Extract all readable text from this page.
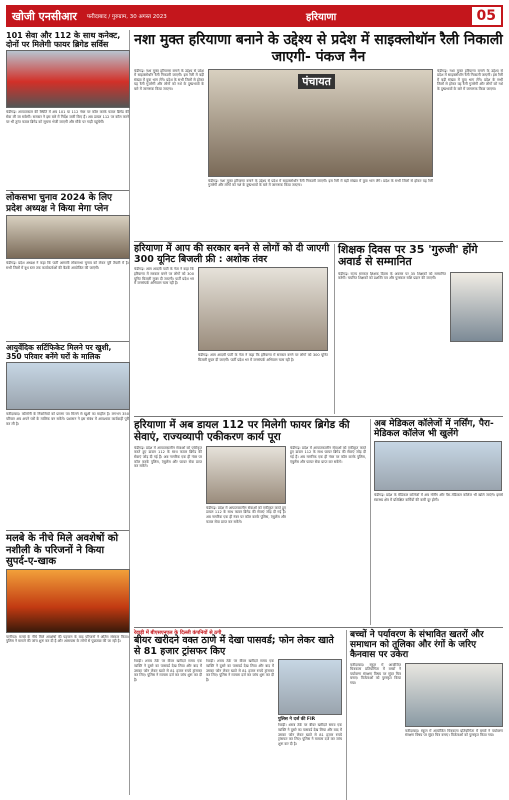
खोजी एनसीआर	फरीदाबाद / गुरुग्राम, 30 अगस्त 2023	हरियाणा	05
101 सेवा और 112 के साथ कनेक्ट, दोनों पर मिलेगी फायर ब्रिगेड सर्विस

चंडीगढ़। आपातकाल की स्थिति में अब 101 या 112 नंबर पर कॉल करके फायर ब्रिगेड की सेवा ली जा सकेगी। सरकार ने इस बारे में निर्देश जारी किए हैं। अब डायल 112 पर कॉल करने पर भी तुरंत फायर ब्रिगेड को सूचना भेजी जाएगी और मौके पर गाड़ी पहुंचेगी।

लोकसभा चुनाव 2024 के लिए प्रदेश अध्यक्ष ने किया मेगा प्लेन

चंडीगढ़। प्रदेश अध्यक्ष ने कहा कि पार्टी आगामी लोकसभा चुनाव को लेकर पूरी तैयारी में है। सभी जिलों में बूथ स्तर तक कार्यकर्ताओं की बैठकें आयोजित की जाएंगी।

आयुर्वेदिक सर्टिफिकेट मिलने पर खुशी, 350 परिवार बनेंगे घरों के मालिक

फरीदाबाद। कॉलोनी के निवासियों को प्रमाण पत्र मिलने से खुशी का माहौल है। लगभग 350 परिवार अब अपने घरों के मालिक बन सकेंगे। प्रशासन ने इस संबंध में आवश्यक कार्यवाही पूरी कर ली है।

मलबे के नीचे मिले अवशेषों को नशीली के परिजनों ने किया सुपर्द-ए-खाक

पानीपत। मलबे के नीचे मिले अवशेषों की पहचान के बाद परिजनों ने अंतिम संस्कार किया। पुलिस ने मामले की जांच शुरू कर दी है और आसपास के लोगों से पूछताछ की जा रही है।

नशा मुक्त हरियाणा बनाने के उद्देश्य से प्रदेश में साइक्लोथॉन रैली निकाली जाएगी- पंकज नैन

चंडीगढ़। नशा मुक्त हरियाणा बनाने के उद्देश्य से प्रदेश में साइक्लोथॉन रैली निकाली जाएगी। इस रैली में बड़ी संख्या में युवा भाग लेंगे। प्रदेश के सभी जिलों से होकर यह रैली गुजरेगी और लोगों को नशे के दुष्प्रभावों के बारे में जागरूक किया जाएगा।

पंचायत

चंडीगढ़। नशा मुक्त हरियाणा बनाने के उद्देश्य से प्रदेश में साइक्लोथॉन रैली निकाली जाएगी। इस रैली में बड़ी संख्या में युवा भाग लेंगे। प्रदेश के सभी जिलों से होकर यह रैली गुजरेगी और लोगों को नशे के दुष्प्रभावों के बारे में जागरूक किया जाएगा।

चंडीगढ़। नशा मुक्त हरियाणा बनाने के उद्देश्य से प्रदेश में साइक्लोथॉन रैली निकाली जाएगी। इस रैली में बड़ी संख्या में युवा भाग लेंगे। प्रदेश के सभी जिलों से होकर यह रैली गुजरेगी और लोगों को नशे के दुष्प्रभावों के बारे में जागरूक किया जाएगा।

हरियाणा में आप की सरकार बनने से लोगों को दी जाएगी 300 यूनिट बिजली फ्री : अशोक तंवर

चंडीगढ़। आम आदमी पार्टी के नेता ने कहा कि हरियाणा में सरकार बनने पर लोगों को 300 यूनिट बिजली मुफ्त दी जाएगी। पार्टी प्रदेश भर में जनसंपर्क अभियान चला रही है।

चंडीगढ़। आम आदमी पार्टी के नेता ने कहा कि हरियाणा में सरकार बनने पर लोगों को 300 यूनिट बिजली मुफ्त दी जाएगी। पार्टी प्रदेश भर में जनसंपर्क अभियान चला रही है।

शिक्षक दिवस पर 35 'गुरुजी' होंगे अवार्ड से सम्मानित

चंडीगढ़। राज्य सरकार शिक्षक दिवस के अवसर पर 35 शिक्षकों को सम्मानित करेगी। चयनित शिक्षकों को प्रशस्ति पत्र और पुरस्कार राशि प्रदान की जाएगी।

हरियाणा में अब डायल 112 पर मिलेगी फायर ब्रिगेड की सेवाएं, राज्यव्यापी एकीकरण कार्य पूरा

चंडीगढ़। प्रदेश में आपातकालीन सेवाओं को एकीकृत करते हुए डायल 112 के साथ फायर ब्रिगेड की सेवाएं जोड़ दी गई हैं। अब नागरिक एक ही नंबर पर कॉल करके पुलिस, एंबुलेंस और फायर सेवा प्राप्त कर सकेंगे।

चंडीगढ़। प्रदेश में आपातकालीन सेवाओं को एकीकृत करते हुए डायल 112 के साथ फायर ब्रिगेड की सेवाएं जोड़ दी गई हैं। अब नागरिक एक ही नंबर पर कॉल करके पुलिस, एंबुलेंस और फायर सेवा प्राप्त कर सकेंगे।

चंडीगढ़। प्रदेश में आपातकालीन सेवाओं को एकीकृत करते हुए डायल 112 के साथ फायर ब्रिगेड की सेवाएं जोड़ दी गई हैं। अब नागरिक एक ही नंबर पर कॉल करके पुलिस, एंबुलेंस और फायर सेवा प्राप्त कर सकेंगे।

अब मेडिकल कॉलेजों में नर्सिंग, पैरा-मेडिकल कॉलेज भी खुलेंगे

चंडीगढ़। प्रदेश के मेडिकल कॉलेजों में अब नर्सिंग और पैरा-मेडिकल कॉलेज भी खोले जाएंगे। इससे स्वास्थ्य क्षेत्र में प्रशिक्षित कर्मियों की कमी दूर होगी।

रेवाड़ी में बीएसएनएल के दिल्ली कंपनियों से ठगी
बीयर खरीदने वक्त ठाणे में देखा पासवर्ड; फोन लेकर खाते से 81 हजार ट्रांसफर किए

रेवाड़ी। शराब ठेके पर बीयर खरीदते समय एक व्यक्ति ने दूसरे का पासवर्ड देख लिया और बाद में उसका फोन लेकर खाते से 81 हजार रुपये ट्रांसफर कर लिए। पुलिस ने मामला दर्ज कर जांच शुरू कर दी है।

रेवाड़ी। शराब ठेके पर बीयर खरीदते समय एक व्यक्ति ने दूसरे का पासवर्ड देख लिया और बाद में उसका फोन लेकर खाते से 81 हजार रुपये ट्रांसफर कर लिए। पुलिस ने मामला दर्ज कर जांच शुरू कर दी है।

पुलिस ने दर्ज की FIR

रेवाड़ी। शराब ठेके पर बीयर खरीदते समय एक व्यक्ति ने दूसरे का पासवर्ड देख लिया और बाद में उसका फोन लेकर खाते से 81 हजार रुपये ट्रांसफर कर लिए। पुलिस ने मामला दर्ज कर जांच शुरू कर दी है।

बच्चों ने पर्यावरण के संभावित खतरों और समाधान को तूलिका और रंगों के जरिए कैनवास पर उकेरा

फरीदाबाद। स्कूल में आयोजित चित्रकला प्रतियोगिता में बच्चों ने पर्यावरण संरक्षण विषय पर सुंदर चित्र बनाए। विजेताओं को पुरस्कृत किया गया।

फरीदाबाद। स्कूल में आयोजित चित्रकला प्रतियोगिता में बच्चों ने पर्यावरण संरक्षण विषय पर सुंदर चित्र बनाए। विजेताओं को पुरस्कृत किया गया।
